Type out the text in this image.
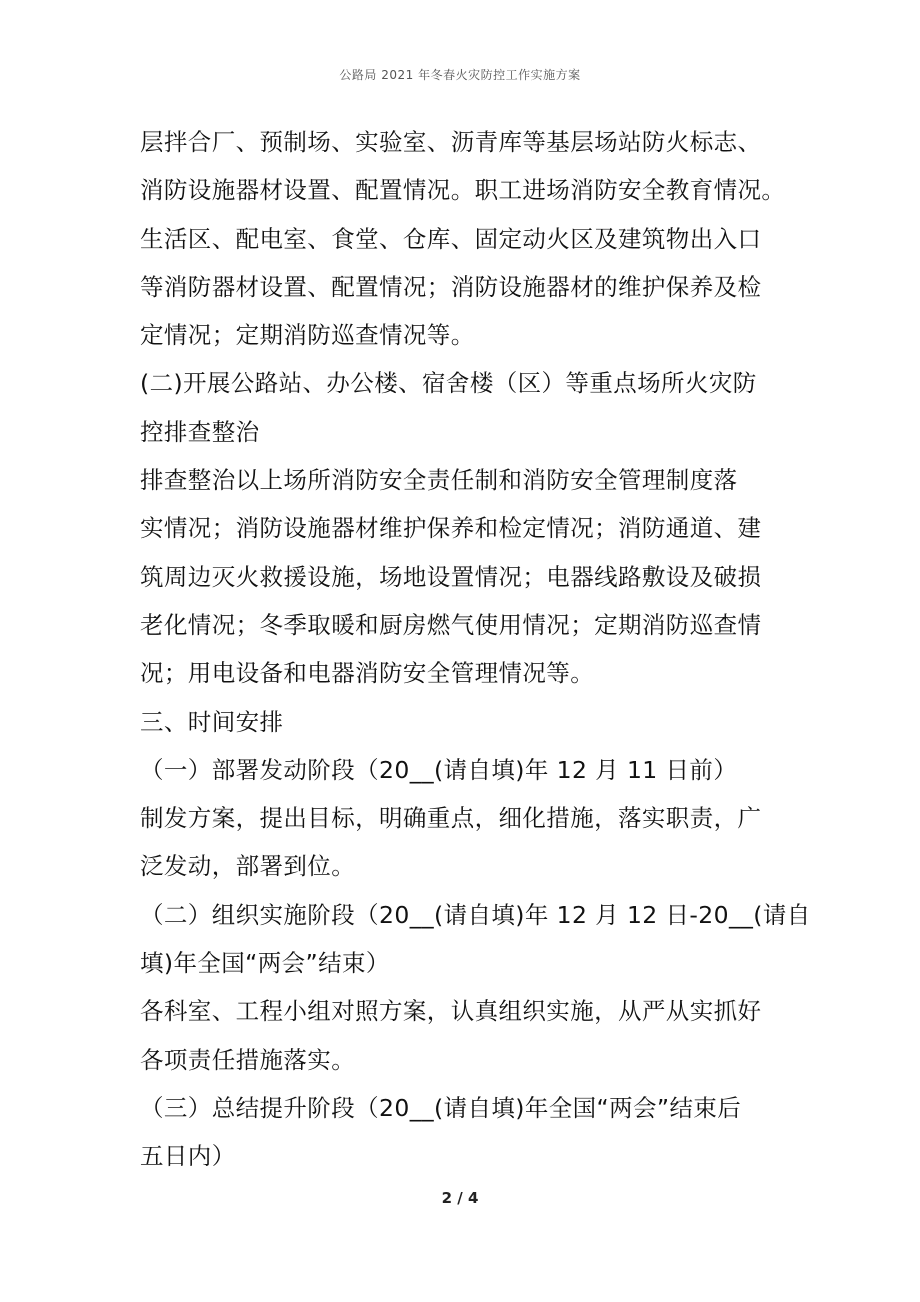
公路局 2021 年冬春火灾防控工作实施方案
层拌合厂、预制场、实验室、沥青库等基层场站防火标志、
消防设施器材设置、配置情况。职工进场消防安全教育情况。
生活区、配电室、食堂、仓库、固定动火区及建筑物出入口
等消防器材设置、配置情况；消防设施器材的维护保养及检
定情况；定期消防巡查情况等。
(二)开展公路站、办公楼、宿舍楼（区）等重点场所火灾防
控排查整治
排查整治以上场所消防安全责任制和消防安全管理制度落
实情况；消防设施器材维护保养和检定情况；消防通道、建
筑周边灭火救援设施，场地设置情况；电器线路敷设及破损
老化情况；冬季取暖和厨房燃气使用情况；定期消防巡查情
况；用电设备和电器消防安全管理情况等。
三、时间安排
（一）部署发动阶段（20__(请自填)年 12 月 11 日前）
制发方案，提出目标，明确重点，细化措施，落实职责，广
泛发动，部署到位。
（二）组织实施阶段（20__(请自填)年 12 月 12 日-20__(请自
填)年全国“两会”结束）
各科室、工程小组对照方案，认真组织实施，从严从实抓好
各项责任措施落实。
（三）总结提升阶段（20__(请自填)年全国“两会”结束后
五日内）
2 / 4
